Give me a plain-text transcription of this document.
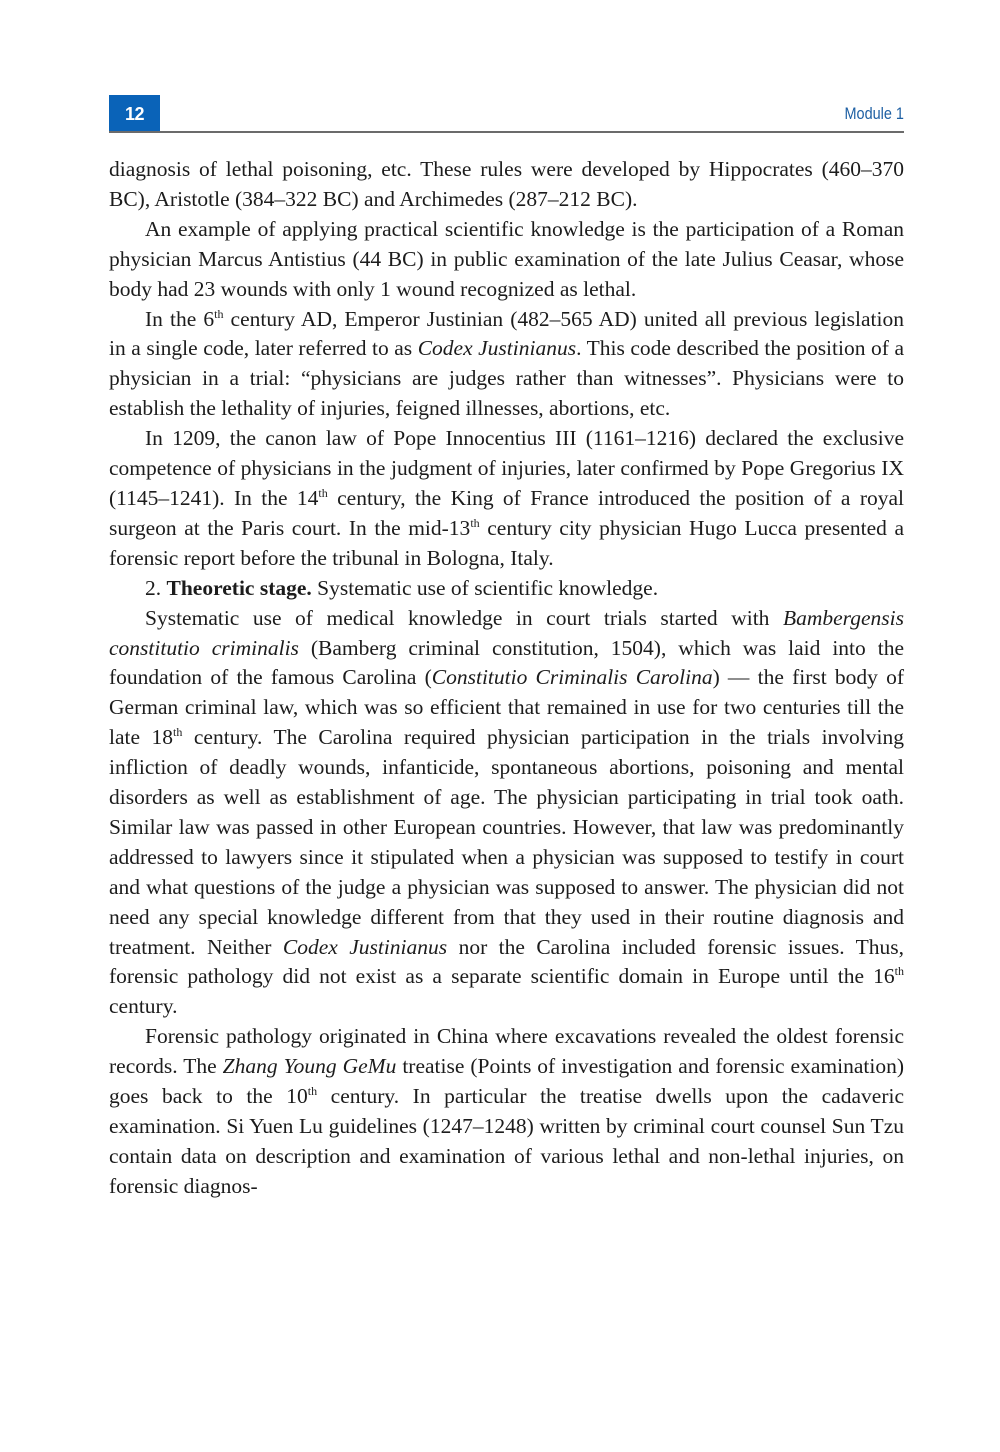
12	Module 1

diagnosis of lethal poisoning, etc. These rules were developed by Hippocrates (460–370 BC), Aristotle (384–322 BC) and Archimedes (287–212 BC).

An example of applying practical scientific knowledge is the participation of a Roman physician Marcus Antistius (44 BC) in public examination of the late Julius Ceasar, whose body had 23 wounds with only 1 wound recognized as lethal.

In the 6th century AD, Emperor Justinian (482–565 AD) united all previous legislation in a single code, later referred to as Codex Justinianus. This code described the position of a physician in a trial: “physicians are judges rather than witnesses”. Physicians were to establish the lethality of injuries, feigned illnesses, abortions, etc.

In 1209, the canon law of Pope Innocentius III (1161–1216) declared the exclusive competence of physicians in the judgment of injuries, later confirmed by Pope Gregorius IX (1145–1241). In the 14th century, the King of France introduced the position of a royal surgeon at the Paris court. In the mid-13th century city physician Hugo Lucca presented a forensic report before the tribunal in Bologna, Italy.

2. Theoretic stage. Systematic use of scientific knowledge.

Systematic use of medical knowledge in court trials started with Bambergensis constitutio criminalis (Bamberg criminal constitution, 1504), which was laid into the foundation of the famous Carolina (Constitutio Criminalis Carolina) — the first body of German criminal law, which was so efficient that remained in use for two centuries till the late 18th century. The Carolina required physician participation in the trials involving infliction of deadly wounds, infanticide, spontaneous abortions, poisoning and mental disorders as well as establishment of age. The physician participating in trial took oath. Similar law was passed in other European countries. However, that law was predominantly addressed to lawyers since it stipulated when a physician was supposed to testify in court and what questions of the judge a physician was supposed to answer. The physician did not need any special knowledge different from that they used in their routine diagnosis and treatment. Neither Codex Justinianus nor the Carolina included forensic issues. Thus, forensic pathology did not exist as a separate scientific domain in Europe until the 16th century.

Forensic pathology originated in China where excavations revealed the oldest forensic records. The Zhang Young GeMu treatise (Points of investigation and forensic examination) goes back to the 10th century. In particular the treatise dwells upon the cadaveric examination. Si Yuen Lu guidelines (1247–1248) written by criminal court counsel Sun Tzu contain data on description and examination of various lethal and non-lethal injuries, on forensic diagnos-
